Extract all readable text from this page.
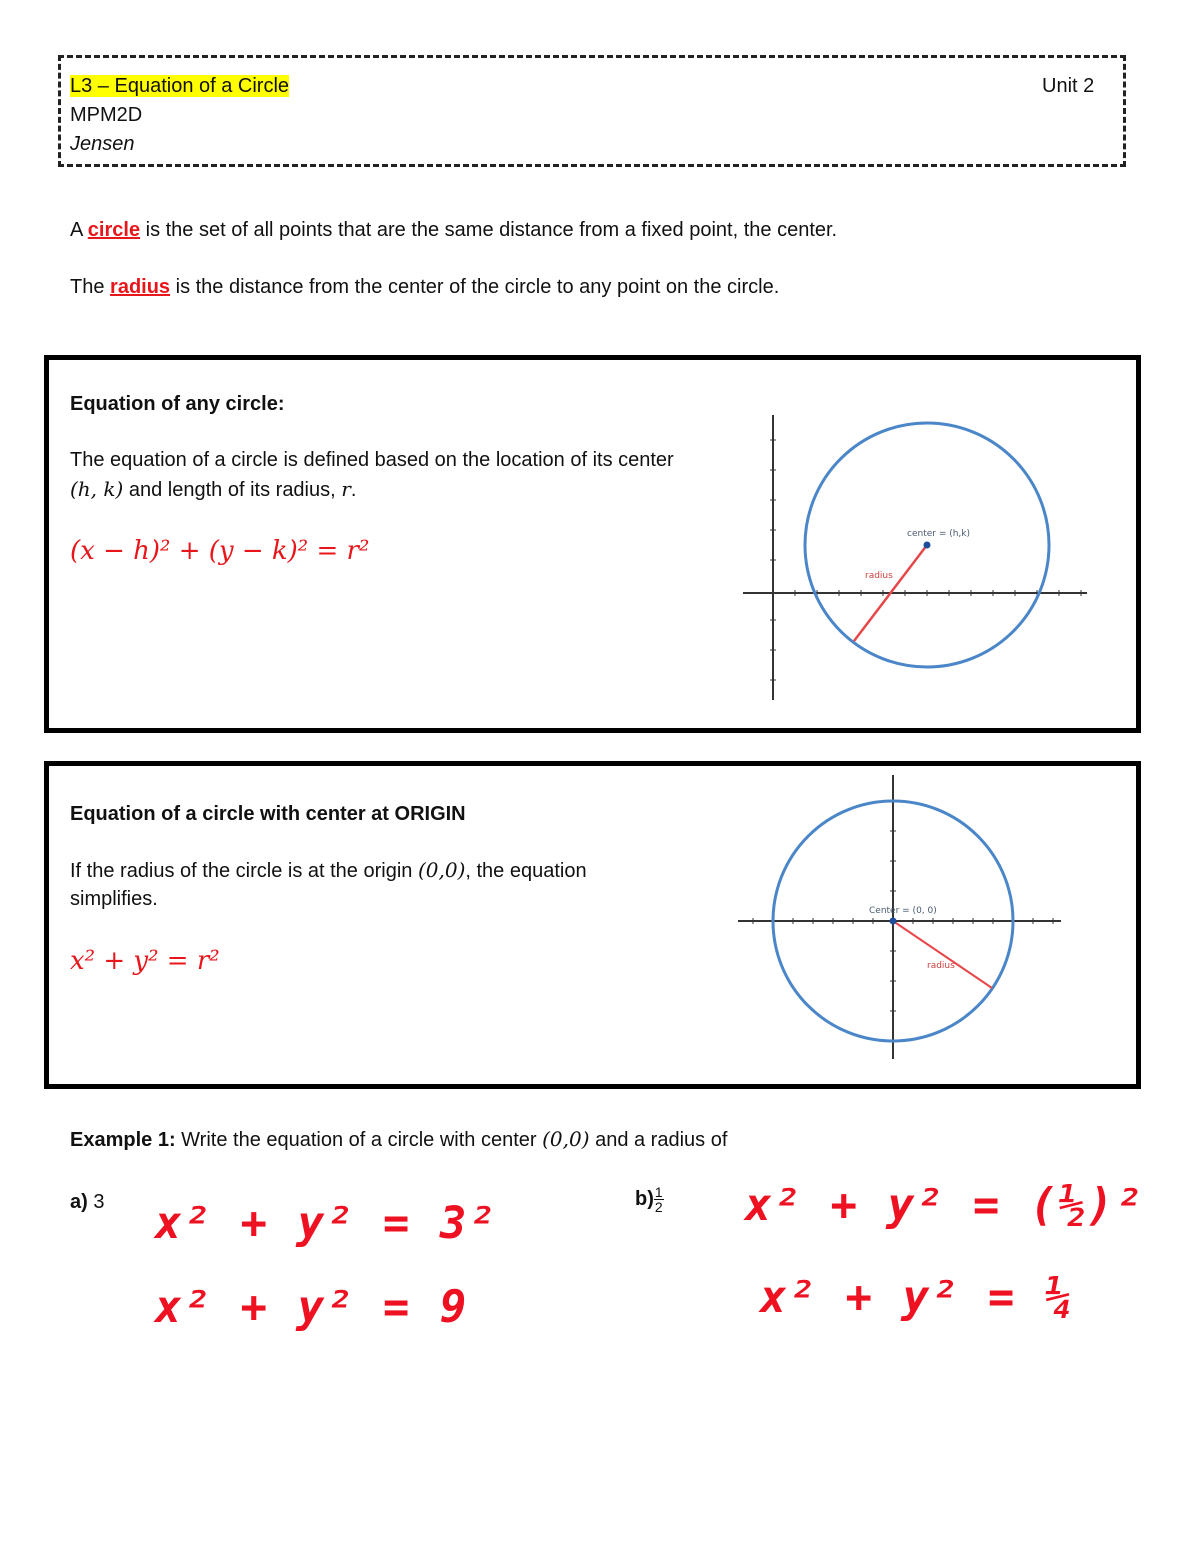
L3 – Equation of a Circle
MPM2D
Jensen
Unit 2
A circle is the set of all points that are the same distance from a fixed point, the center.
The radius is the distance from the center of the circle to any point on the circle.
Equation of any circle:
The equation of a circle is defined based on the location of its center
(h, k) and length of its radius, r.
(x − h)² + (y − k)² = r²
center = (h,k)
radius
Equation of a circle with center at ORIGIN
If the radius of the circle is at the origin (0,0), the equation
simplifies.
x² + y² = r²
Center = (0, 0)
radius
Example 1: Write the equation of a circle with center (0,0) and a radius of
a) 3	$b) \frac{1}{2}$
x² + y² = 3²
x² + y² = 9
x² + y² = (½)²
x² + y² = ¼
